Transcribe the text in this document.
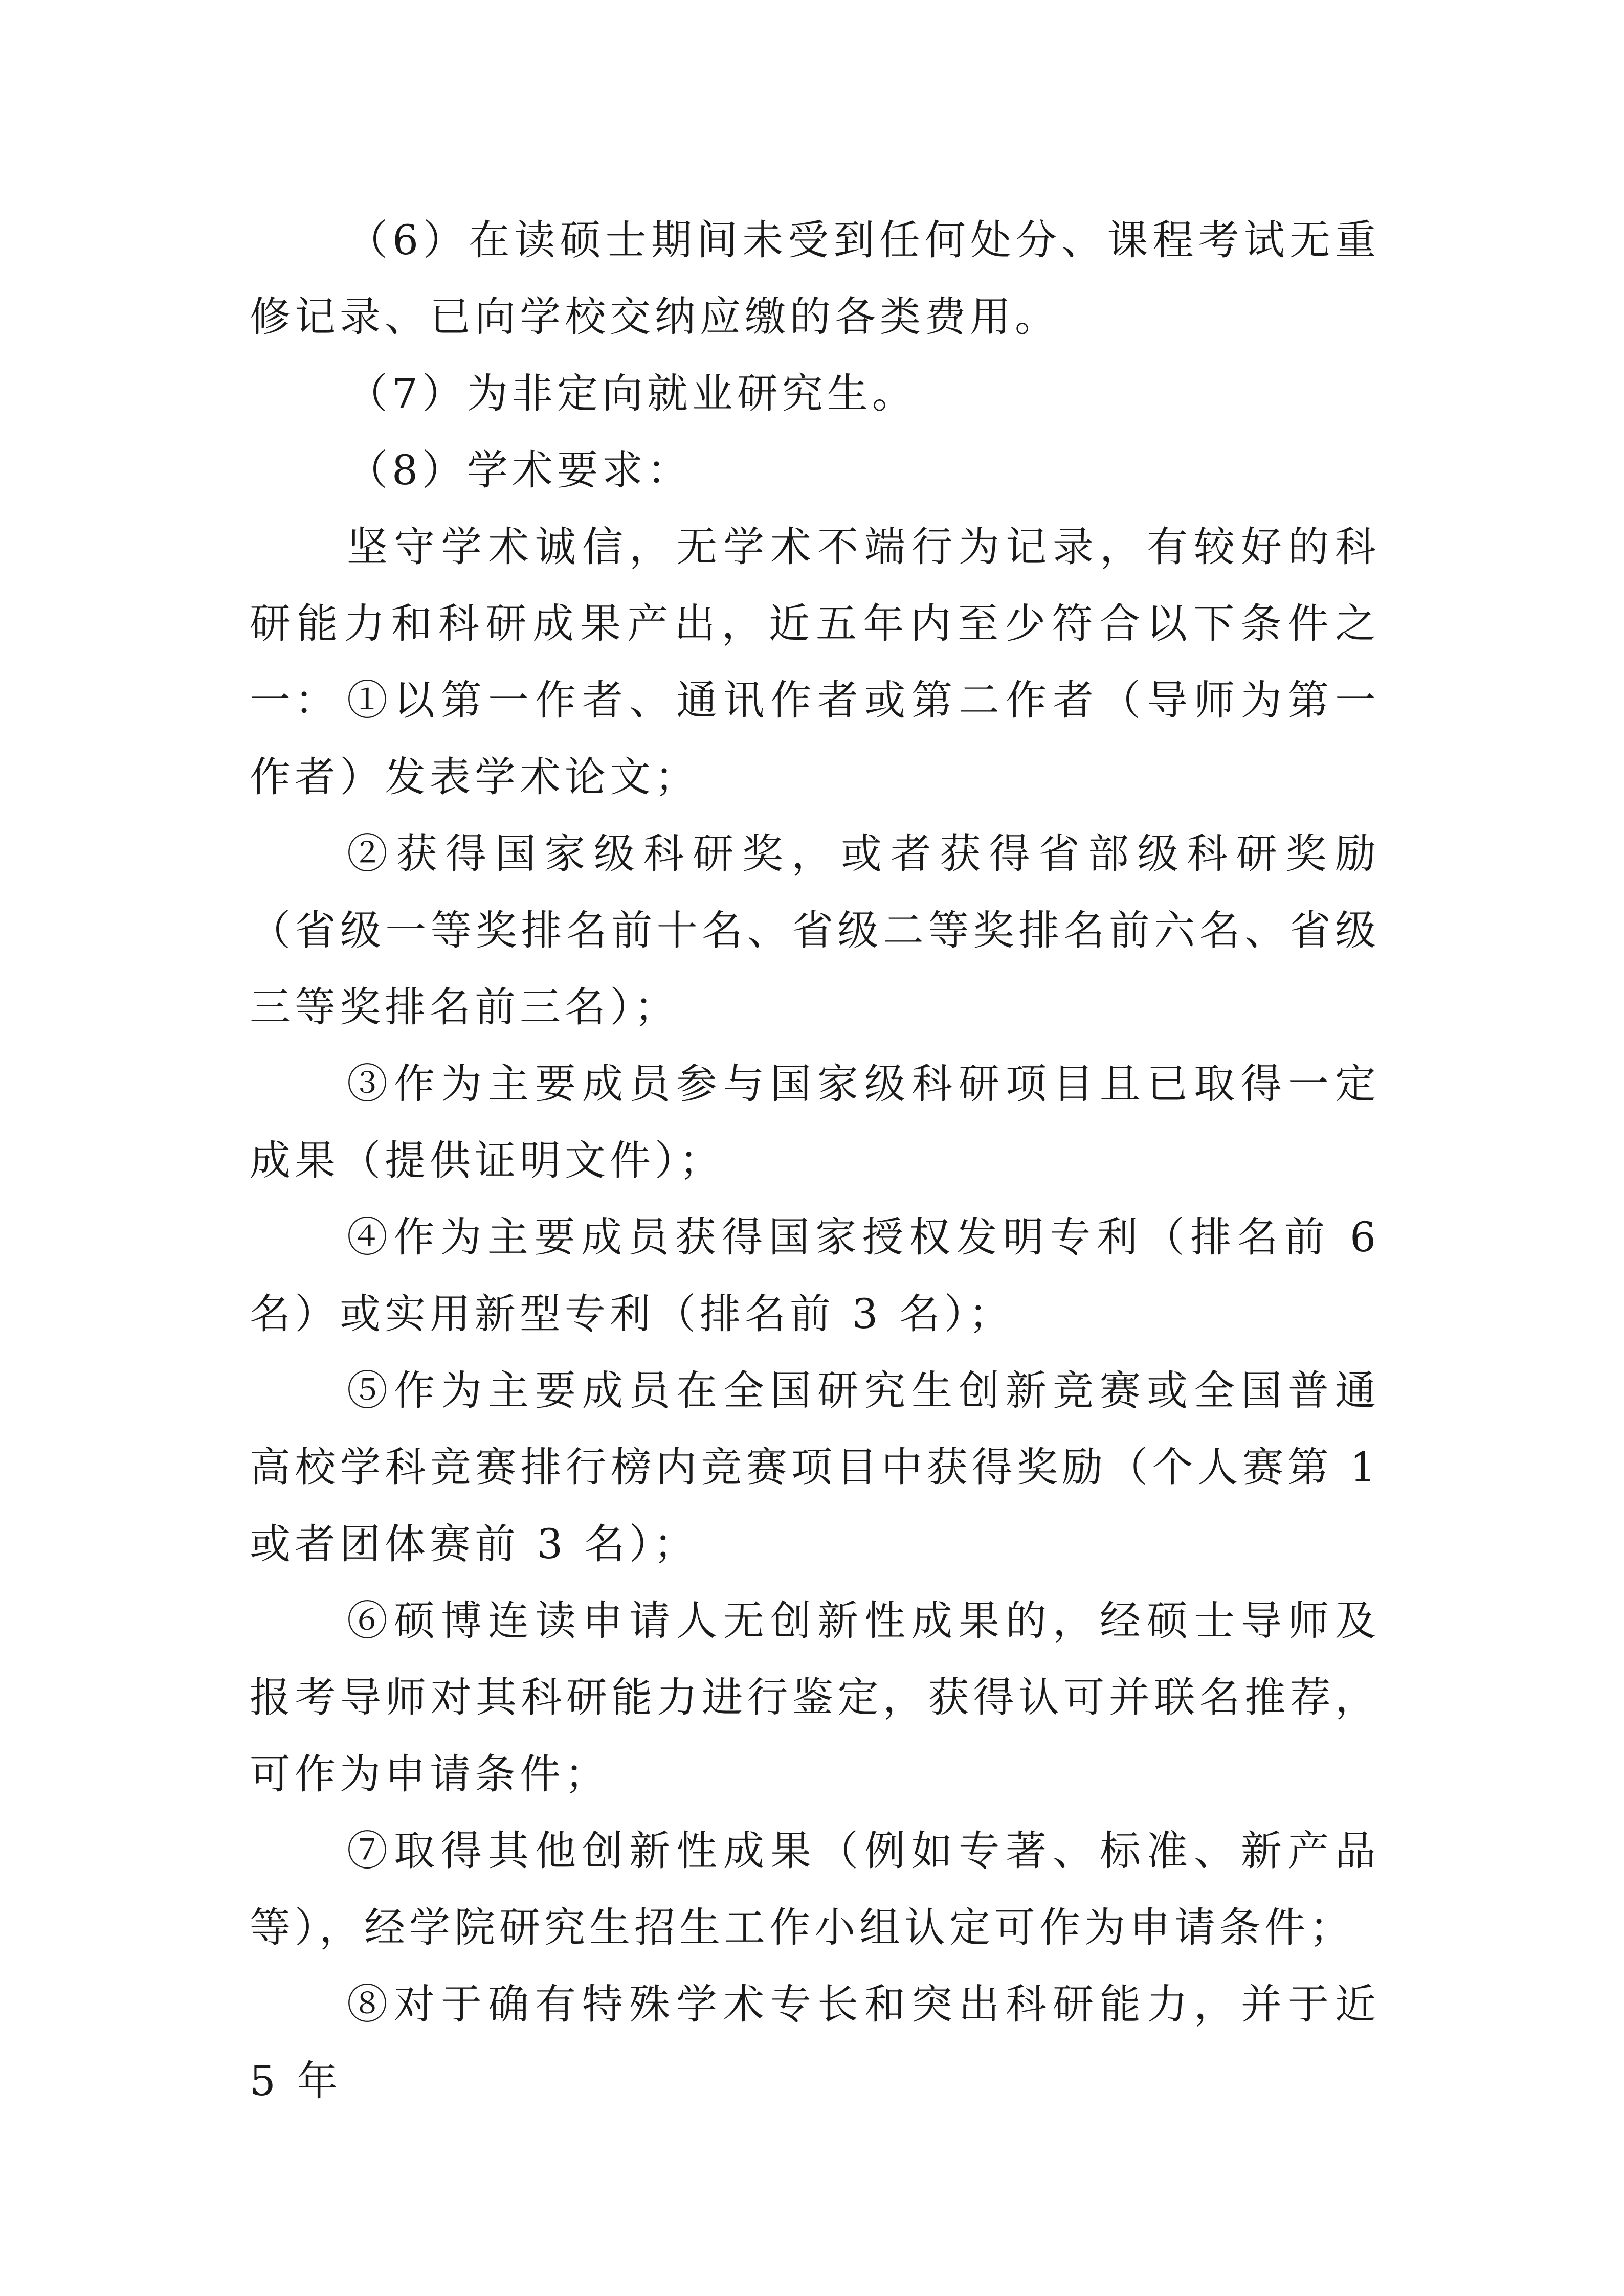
（6）在读硕士期间未受到任何处分、课程考试无重修记录、已向学校交纳应缴的各类费用。

（7）为非定向就业研究生。

（8）学术要求：

坚守学术诚信，无学术不端行为记录，有较好的科研能力和科研成果产出，近五年内至少符合以下条件之一： ①以第一作者、通讯作者或第二作者（导师为第一作者）发表学术论文；

②获得国家级科研奖，或者获得省部级科研奖励（省级一等奖排名前十名、省级二等奖排名前六名、省级三等奖排名前三名）；

③作为主要成员参与国家级科研项目且已取得一定成果（提供证明文件）；

④作为主要成员获得国家授权发明专利（排名前 6 名）或实用新型专利（排名前 3 名）；

⑤作为主要成员在全国研究生创新竞赛或全国普通高校学科竞赛排行榜内竞赛项目中获得奖励（个人赛第 1 或者团体赛前 3 名）；

⑥硕博连读申请人无创新性成果的，经硕士导师及报考导师对其科研能力进行鉴定，获得认可并联名推荐，可作为申请条件；

⑦取得其他创新性成果（例如专著、标准、新产品等），经学院研究生招生工作小组认定可作为申请条件；

⑧对于确有特殊学术专长和突出科研能力，并于近 5 年
